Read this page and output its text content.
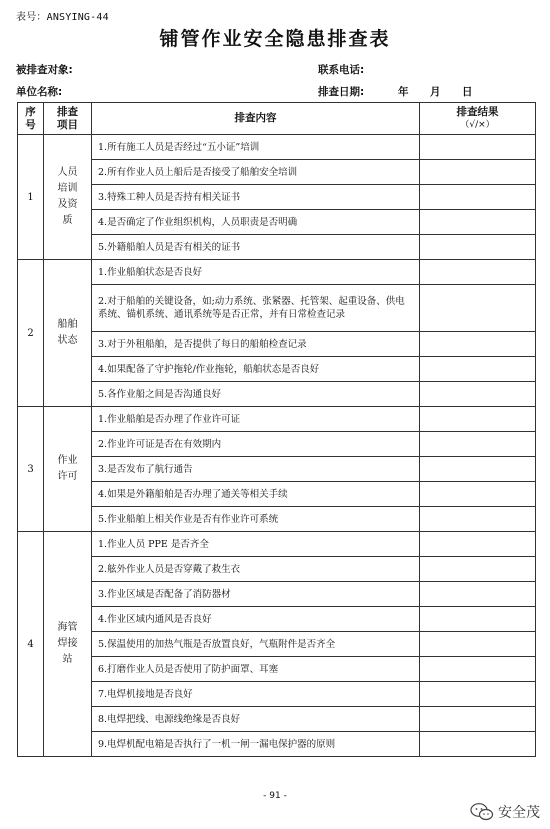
表号：ANSYING-44
铺管作业安全隐患排查表
被排查对象:	联系电话:
单位名称:	排查日期:	年 月 日
序号	排查项目	排查内容	排查结果
（√/×）

1	人员培训及资质	1.所有施工人员是否经过“五小证”培训	
		2.所有作业人员上船后是否接受了船舶安全培训	
		3.特殊工种人员是否持有相关证书	
		4.是否确定了作业组织机构，人员职责是否明确	
		5.外籍船舶人员是否有相关的证书	
2	船舶状态	1.作业船舶状态是否良好	
		2.对于船舶的关键设备，如;动力系统、张紧器、托管架、起重设备、供电系统、锚机系统、通讯系统等是否正常，并有日常检查记录	
		3.对于外租船舶，是否提供了每日的船舶检查记录	
		4.如果配备了守护拖轮/作业拖轮，船舶状态是否良好	
		5.各作业船之间是否沟通良好	
3	作业许可	1.作业船舶是否办理了作业许可证	
		2.作业许可证是否在有效期内	
		3.是否发布了航行通告	
		4.如果是外籍船舶是否办理了通关等相关手续	
		5.作业船舶上相关作业是否有作业许可系统	
4	海管焊接站	1.作业人员 PPE 是否齐全	
		2.舷外作业人员是否穿戴了救生衣	
		3.作业区域是否配备了消防器材	
		4.作业区域内通风是否良好	
		5.保温使用的加热气瓶是否放置良好，气瓶附件是否齐全	
		6.打磨作业人员是否使用了防护面罩、耳塞	
		7.电焊机接地是否良好	
		8.电焊把线、电源线绝缘是否良好	
		9.电焊机配电箱是否执行了一机一闸一漏电保护器的原则	
- 91 -
安全茂
